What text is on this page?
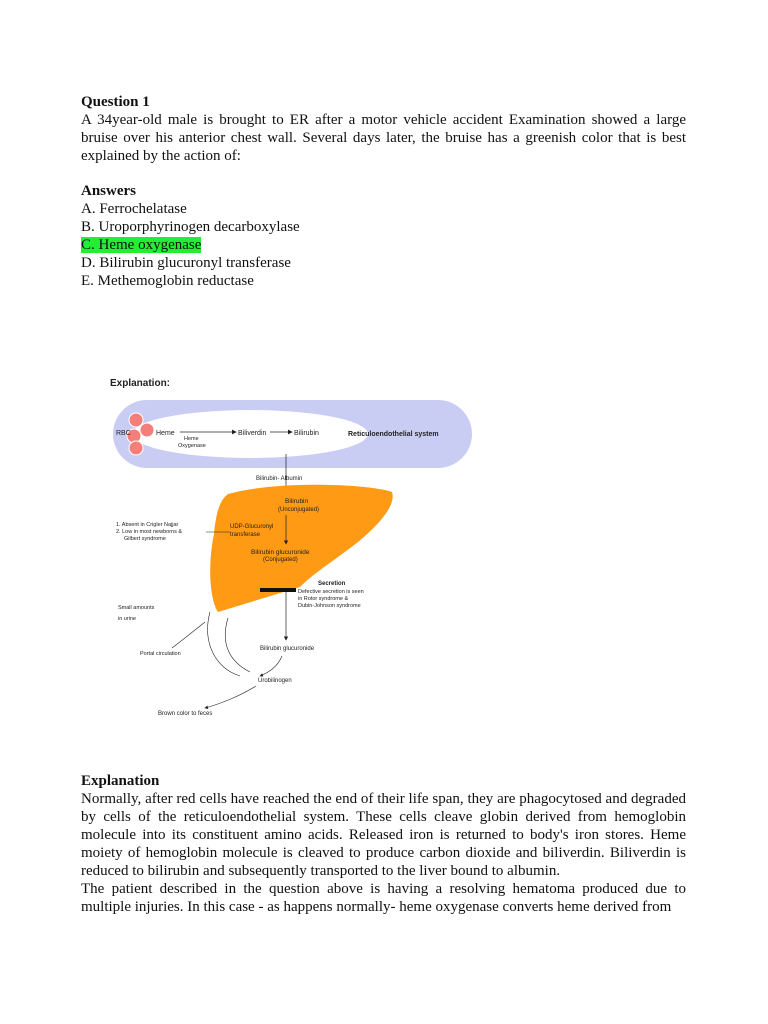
Question 1

A 34year-old male is brought to ER after a motor vehicle accident Examination showed a large bruise over his anterior chest wall. Several days later, the bruise has a greenish color that is best explained by the action of:

Answers

A. Ferrochelatase
B. Uroporphyrinogen decarboxylase
C. Heme oxygenase
D. Bilirubin glucuronyl transferase
E. Methemoglobin reductase
Explanation:
RBC	Heme
Heme
Oxygenase
Biliverdin	Bilirubin	Reticuloendothelial system
Bilirubin- Albumin
Bilirubin
(Unconjugated)
UDP-Glucuronyl
transferase
1. Absent in Crigler Najjar
2. Low in most newborns &
Gilbert syndrome
Bilirubin glucuronide
(Conjugated)
Secretion
Defective secretion is seen
in Rotor syndrome &
Dubin-Johnson syndrome
Small amounts
in urine
Bilirubin glucuronide
Urobilinogen
Brown color to feces
Portal circulation

Explanation

Normally, after red cells have reached the end of their life span, they are phagocytosed and degraded by cells of the reticuloendothelial system. These cells cleave globin derived from hemoglobin molecule into its constituent amino acids. Released iron is returned to body's iron stores. Heme moiety of hemoglobin molecule is cleaved to produce carbon dioxide and biliverdin. Biliverdin is reduced to bilirubin and subsequently transported to the liver bound to albumin.

The patient described in the question above is having a resolving hematoma produced due to multiple injuries. In this case - as happens normally- heme oxygenase converts heme derived from
